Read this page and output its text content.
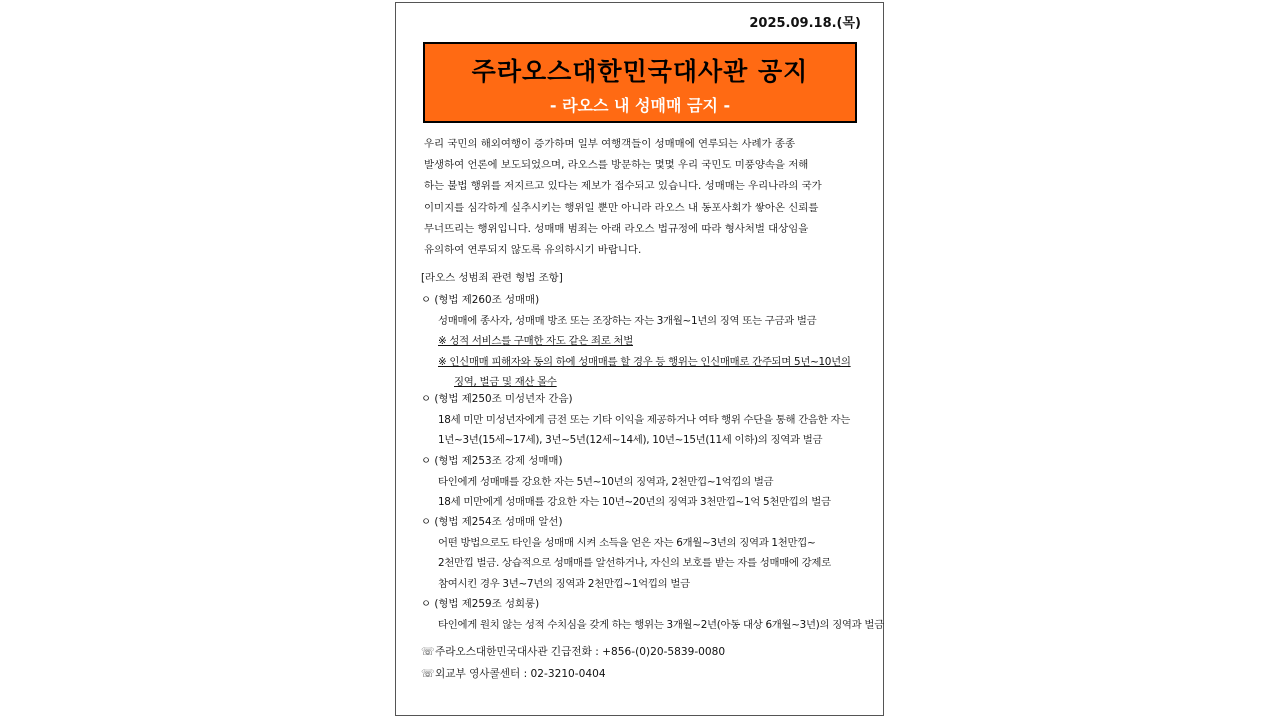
2025.09.18.(목)
주라오스대한민국대사관 공지
- 라오스 내 성매매 금지 -
우리 국민의 해외여행이 증가하며 일부 여행객들이 성매매에 연루되는 사례가 종종
발생하여 언론에 보도되었으며, 라오스를 방문하는 몇몇 우리 국민도 미풍양속을 저해
하는 불법 행위를 저지르고 있다는 제보가 접수되고 있습니다. 성매매는 우리나라의 국가
이미지를 심각하게 실추시키는 행위일 뿐만 아니라 라오스 내 동포사회가 쌓아온 신뢰를
무너뜨리는 행위입니다. 성매매 범죄는 아래 라오스 법규정에 따라 형사처벌 대상임을
유의하여 연루되지 않도록 유의하시기 바랍니다.
[라오스 성범죄 관련 형법 조항]
ㅇ (형법 제260조 성매매)
성매매에 종사자, 성매매 방조 또는 조장하는 자는 3개월~1년의 징역 또는 구금과 벌금
※ 성적 서비스를 구매한 자도 같은 죄로 처벌
※ 인신매매 피해자와 동의 하에 성매매를 할 경우 등 행위는 인신매매로 간주되며 5년~10년의
징역, 벌금 및 재산 몰수
ㅇ (형법 제250조 미성년자 간음)
18세 미만 미성년자에게 금전 또는 기타 이익을 제공하거나 여타 행위 수단을 통해 간음한 자는
1년~3년(15세~17세), 3년~5년(12세~14세), 10년~15년(11세 이하)의 징역과 벌금
ㅇ (형법 제253조 강제 성매매)
타인에게 성매매를 강요한 자는 5년~10년의 징역과, 2천만낍~1억낍의 벌금
18세 미만에게 성매매를 강요한 자는 10년~20년의 징역과 3천만낍~1억 5천만낍의 벌금
ㅇ (형법 제254조 성매매 알선)
어떤 방법으로도 타인을 성매매 시켜 소득을 얻은 자는 6개월~3년의 징역과 1천만낍~
2천만낍 벌금. 상습적으로 성매매를 알선하거나, 자신의 보호를 받는 자를 성매매에 강제로
참여시킨 경우 3년~7년의 징역과 2천만낍~1억낍의 벌금
ㅇ (형법 제259조 성희롱)
타인에게 원치 않는 성적 수치심을 갖게 하는 행위는 3개월~2년(아동 대상 6개월~3년)의 징역과 벌금
☏주라오스대한민국대사관 긴급전화 : +856-(0)20-5839-0080
☏외교부 영사콜센터 : 02-3210-0404
